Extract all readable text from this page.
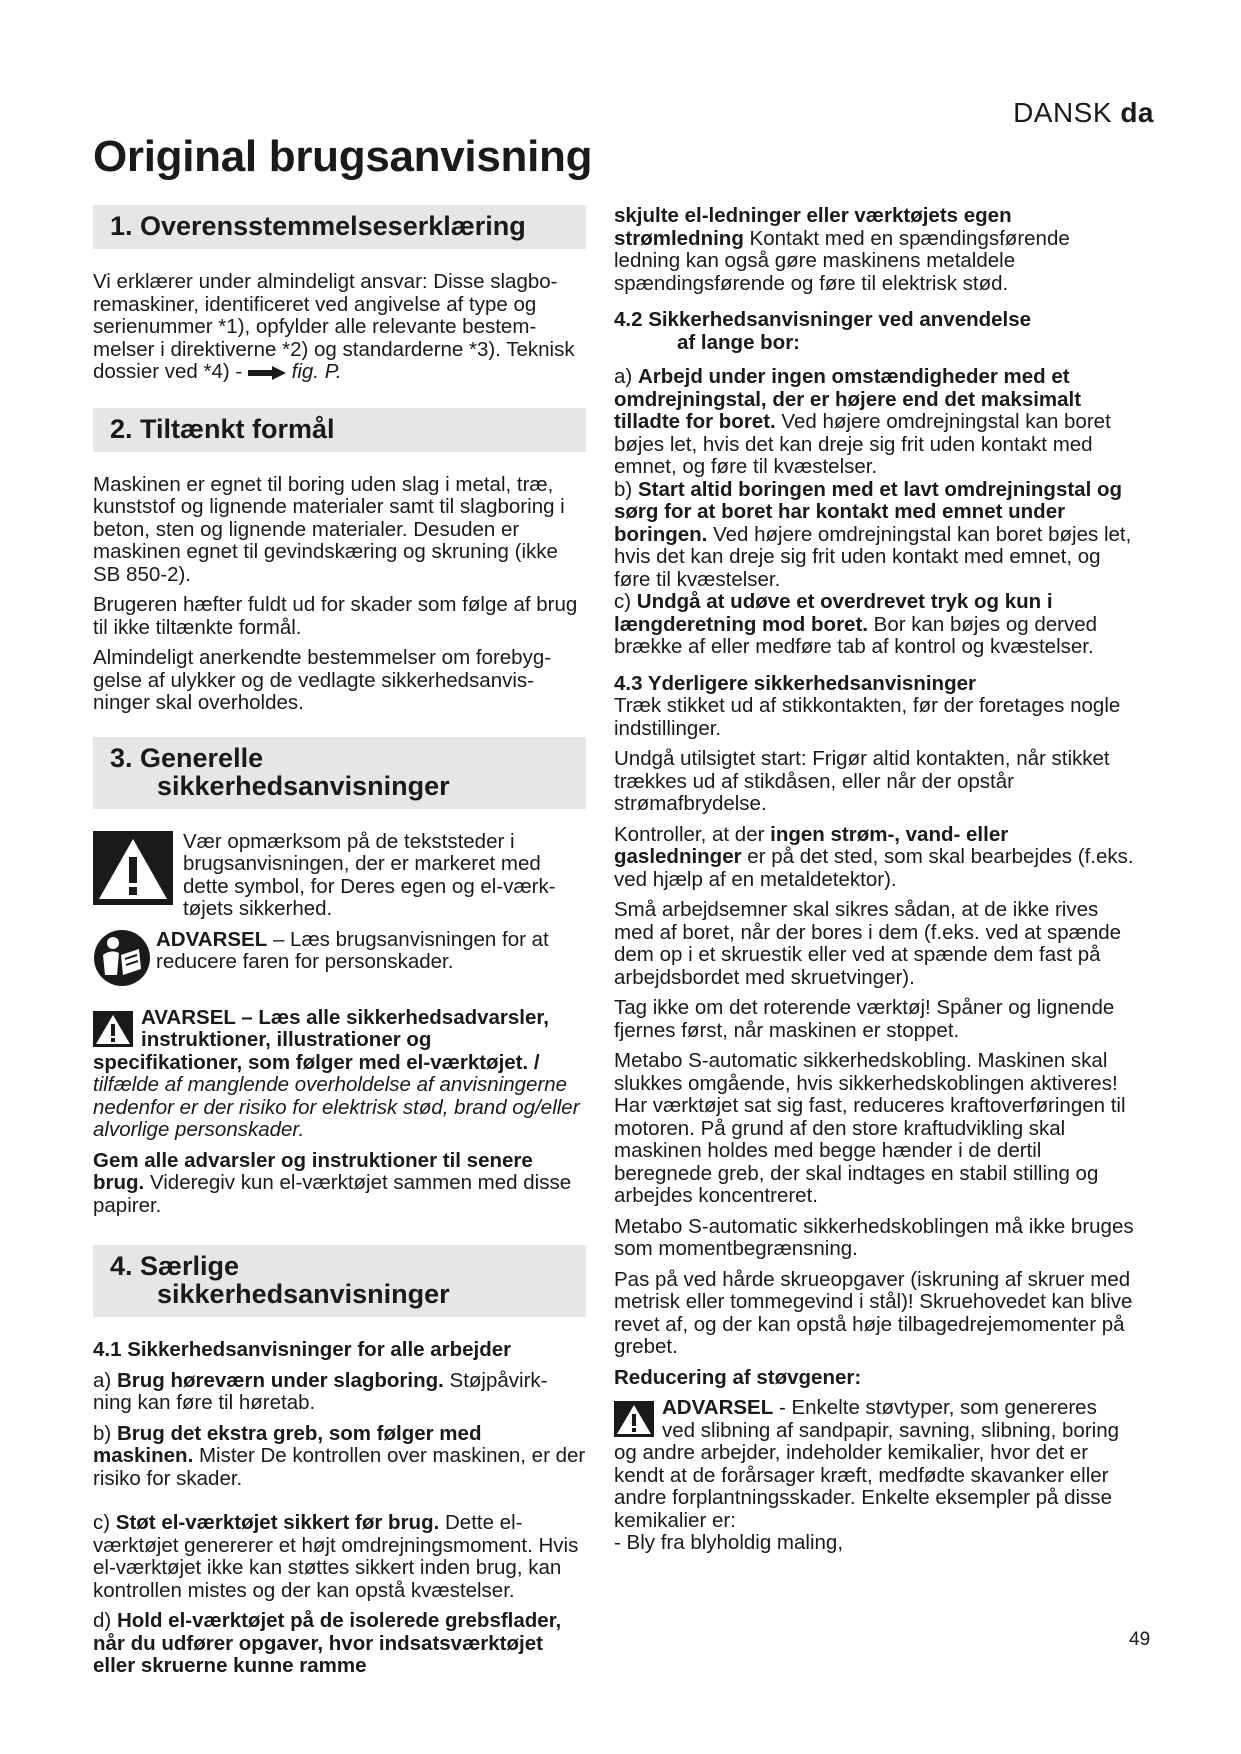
DANSK da
Original brugsanvisning
1. Overensstemmelseserklæring

Vi erklærer under almindeligt ansvar: Disse slagbo-remaskiner, identificeret ved angivelse af type og serienummer *1), opfylder alle relevante bestem-melser i direktiverne *2) og standarderne *3). Teknisk dossier ved *4) -  fig. P.

2. Tiltænkt formål

Maskinen er egnet til boring uden slag i metal, træ, kunststof og lignende materialer samt til slagboring i beton, sten og lignende materialer. Desuden er maskinen egnet til gevindskæring og skruning (ikke SB 850-2).

Brugeren hæfter fuldt ud for skader som følge af brug til ikke tiltænkte formål.

Almindeligt anerkendte bestemmelser om forebyg-gelse af ulykker og de vedlagte sikkerhedsanvis-ninger skal overholdes.

3. Generelle
sikkerhedsanvisninger
Vær opmærksom på de tekststeder i brugsanvisningen, der er markeret med dette symbol, for Deres egen og el-værk-tøjets sikkerhed.
ADVARSEL – Læs brugsanvisningen for at reducere faren for personskader.

AVARSEL – Læs alle sikkerhedsadvarsler, instruktioner, illustrationer og specifikationer, som følger med el-værktøjet. / tilfælde af manglende overholdelse af anvisningerne nedenfor er der risiko for elektrisk stød, brand og/eller alvorlige personskader.

Gem alle advarsler og instruktioner til senere brug. Videregiv kun el-værktøjet sammen med disse papirer.

4. Særlige
sikkerhedsanvisninger

4.1 Sikkerhedsanvisninger for alle arbejder

a) Brug høreværn under slagboring. Støjpåvirk-ning kan føre til høretab.

b) Brug det ekstra greb, som følger med maskinen. Mister De kontrollen over maskinen, er der risiko for skader.

c) Støt el-værktøjet sikkert før brug. Dette el-værktøjet genererer et højt omdrejningsmoment. Hvis el-værktøjet ikke kan støttes sikkert inden brug, kan kontrollen mistes og der kan opstå kvæstelser.

d) Hold el-værktøjet på de isolerede grebsflader, når du udfører opgaver, hvor indsatsværktøjet eller skruerne kunne ramme

skjulte el-ledninger eller værktøjets egen strømledning Kontakt med en spændingsførende ledning kan også gøre maskinens metaldele spændingsførende og føre til elektrisk stød.

4.2 Sikkerhedsanvisninger ved anvendelse
af lange bor:

a) Arbejd under ingen omstændigheder med et omdrejningstal, der er højere end det maksimalt tilladte for boret. Ved højere omdrejningstal kan boret bøjes let, hvis det kan dreje sig frit uden kontakt med emnet, og føre til kvæstelser.

b) Start altid boringen med et lavt omdrejningstal og sørg for at boret har kontakt med emnet under boringen. Ved højere omdrejningstal kan boret bøjes let, hvis det kan dreje sig frit uden kontakt med emnet, og føre til kvæstelser.

c) Undgå at udøve et overdrevet tryk og kun i længderetning mod boret. Bor kan bøjes og derved brække af eller medføre tab af kontrol og kvæstelser.

4.3 Yderligere sikkerhedsanvisninger

Træk stikket ud af stikkontakten, før der foretages nogle indstillinger.

Undgå utilsigtet start: Frigør altid kontakten, når stikket trækkes ud af stikdåsen, eller når der opstår strømafbrydelse.

Kontroller, at der ingen strøm-, vand- eller gasledninger er på det sted, som skal bearbejdes (f.eks. ved hjælp af en metaldetektor).

Små arbejdsemner skal sikres sådan, at de ikke rives med af boret, når der bores i dem (f.eks. ved at spænde dem op i et skruestik eller ved at spænde dem fast på arbejdsbordet med skruetvinger).

Tag ikke om det roterende værktøj! Spåner og lignende fjernes først, når maskinen er stoppet.

Metabo S-automatic sikkerhedskobling. Maskinen skal slukkes omgående, hvis sikkerhedskoblingen aktiveres! Har værktøjet sat sig fast, reduceres kraftoverføringen til motoren. På grund af den store kraftudvikling skal maskinen holdes med begge hænder i de dertil beregnede greb, der skal indtages en stabil stilling og arbejdes koncentreret.

Metabo S-automatic sikkerhedskoblingen må ikke bruges som momentbegrænsning.

Pas på ved hårde skrueopgaver (iskruning af skruer med metrisk eller tommegevind i stål)! Skruehovedet kan blive revet af, og der kan opstå høje tilbagedrejemomenter på grebet.

Reducering af støvgener:

ADVARSEL - Enkelte støvtyper, som genereres ved slibning af sandpapir, savning, slibning, boring og andre arbejder, indeholder kemikalier, hvor det er kendt at de forårsager kræft, medfødte skavanker eller andre forplantningsskader. Enkelte eksempler på disse kemikalier er:

- Bly fra blyholdig maling,

49
